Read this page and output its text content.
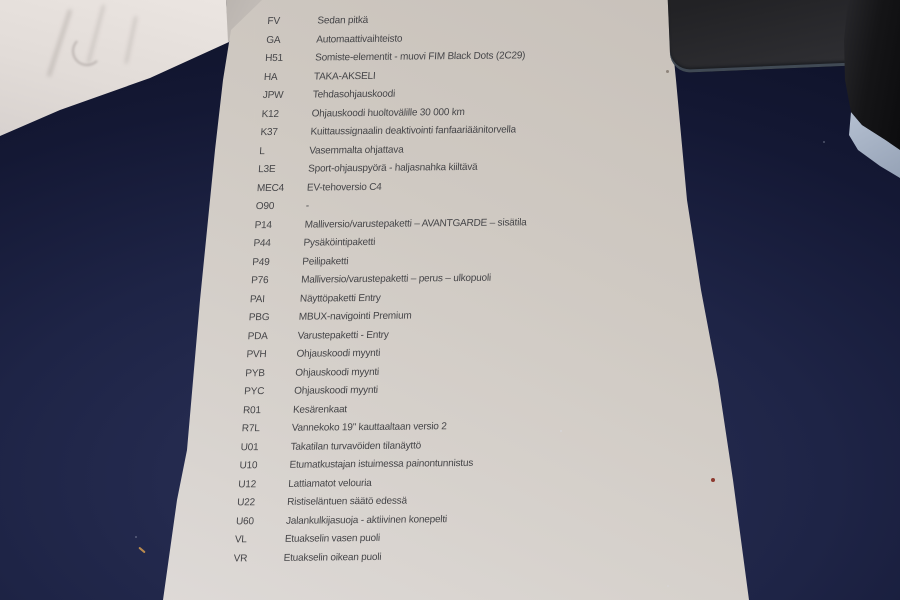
FV	Sedan pitkä
GA	Automaattivaihteisto
H51	Somiste-elementit - muovi FIM Black Dots (2C29)
HA	TAKA-AKSELI
JPW	Tehdasohjauskoodi
K12	Ohjauskoodi huoltovälille 30 000 km
K37	Kuittaussignaalin deaktivointi fanfaariäänitorvella
L	Vasemmalta ohjattava
L3E	Sport-ohjauspyörä - haljasnahka kiiltävä
MEC4	EV-tehoversio C4
O90	-
P14	Malliversio/varustepaketti – AVANTGARDE – sisätila
P44	Pysäköintipaketti
P49	Peilipaketti
P76	Malliversio/varustepaketti – perus – ulkopuoli
PAI	Näyttöpaketti Entry
PBG	MBUX-navigointi Premium
PDA	Varustepaketti - Entry
PVH	Ohjauskoodi myynti
PYB	Ohjauskoodi myynti
PYC	Ohjauskoodi myynti
R01	Kesärenkaat
R7L	Vannekoko 19" kauttaaltaan versio 2
U01	Takatilan turvavöiden tilanäyttö
U10	Etumatkustajan istuimessa painontunnistus
U12	Lattiamatot velouria
U22	Ristiseläntuen säätö edessä
U60	Jalankulkijasuoja - aktiivinen konepelti
VL	Etuakselin vasen puoli
VR	Etuakselin oikean puoli
